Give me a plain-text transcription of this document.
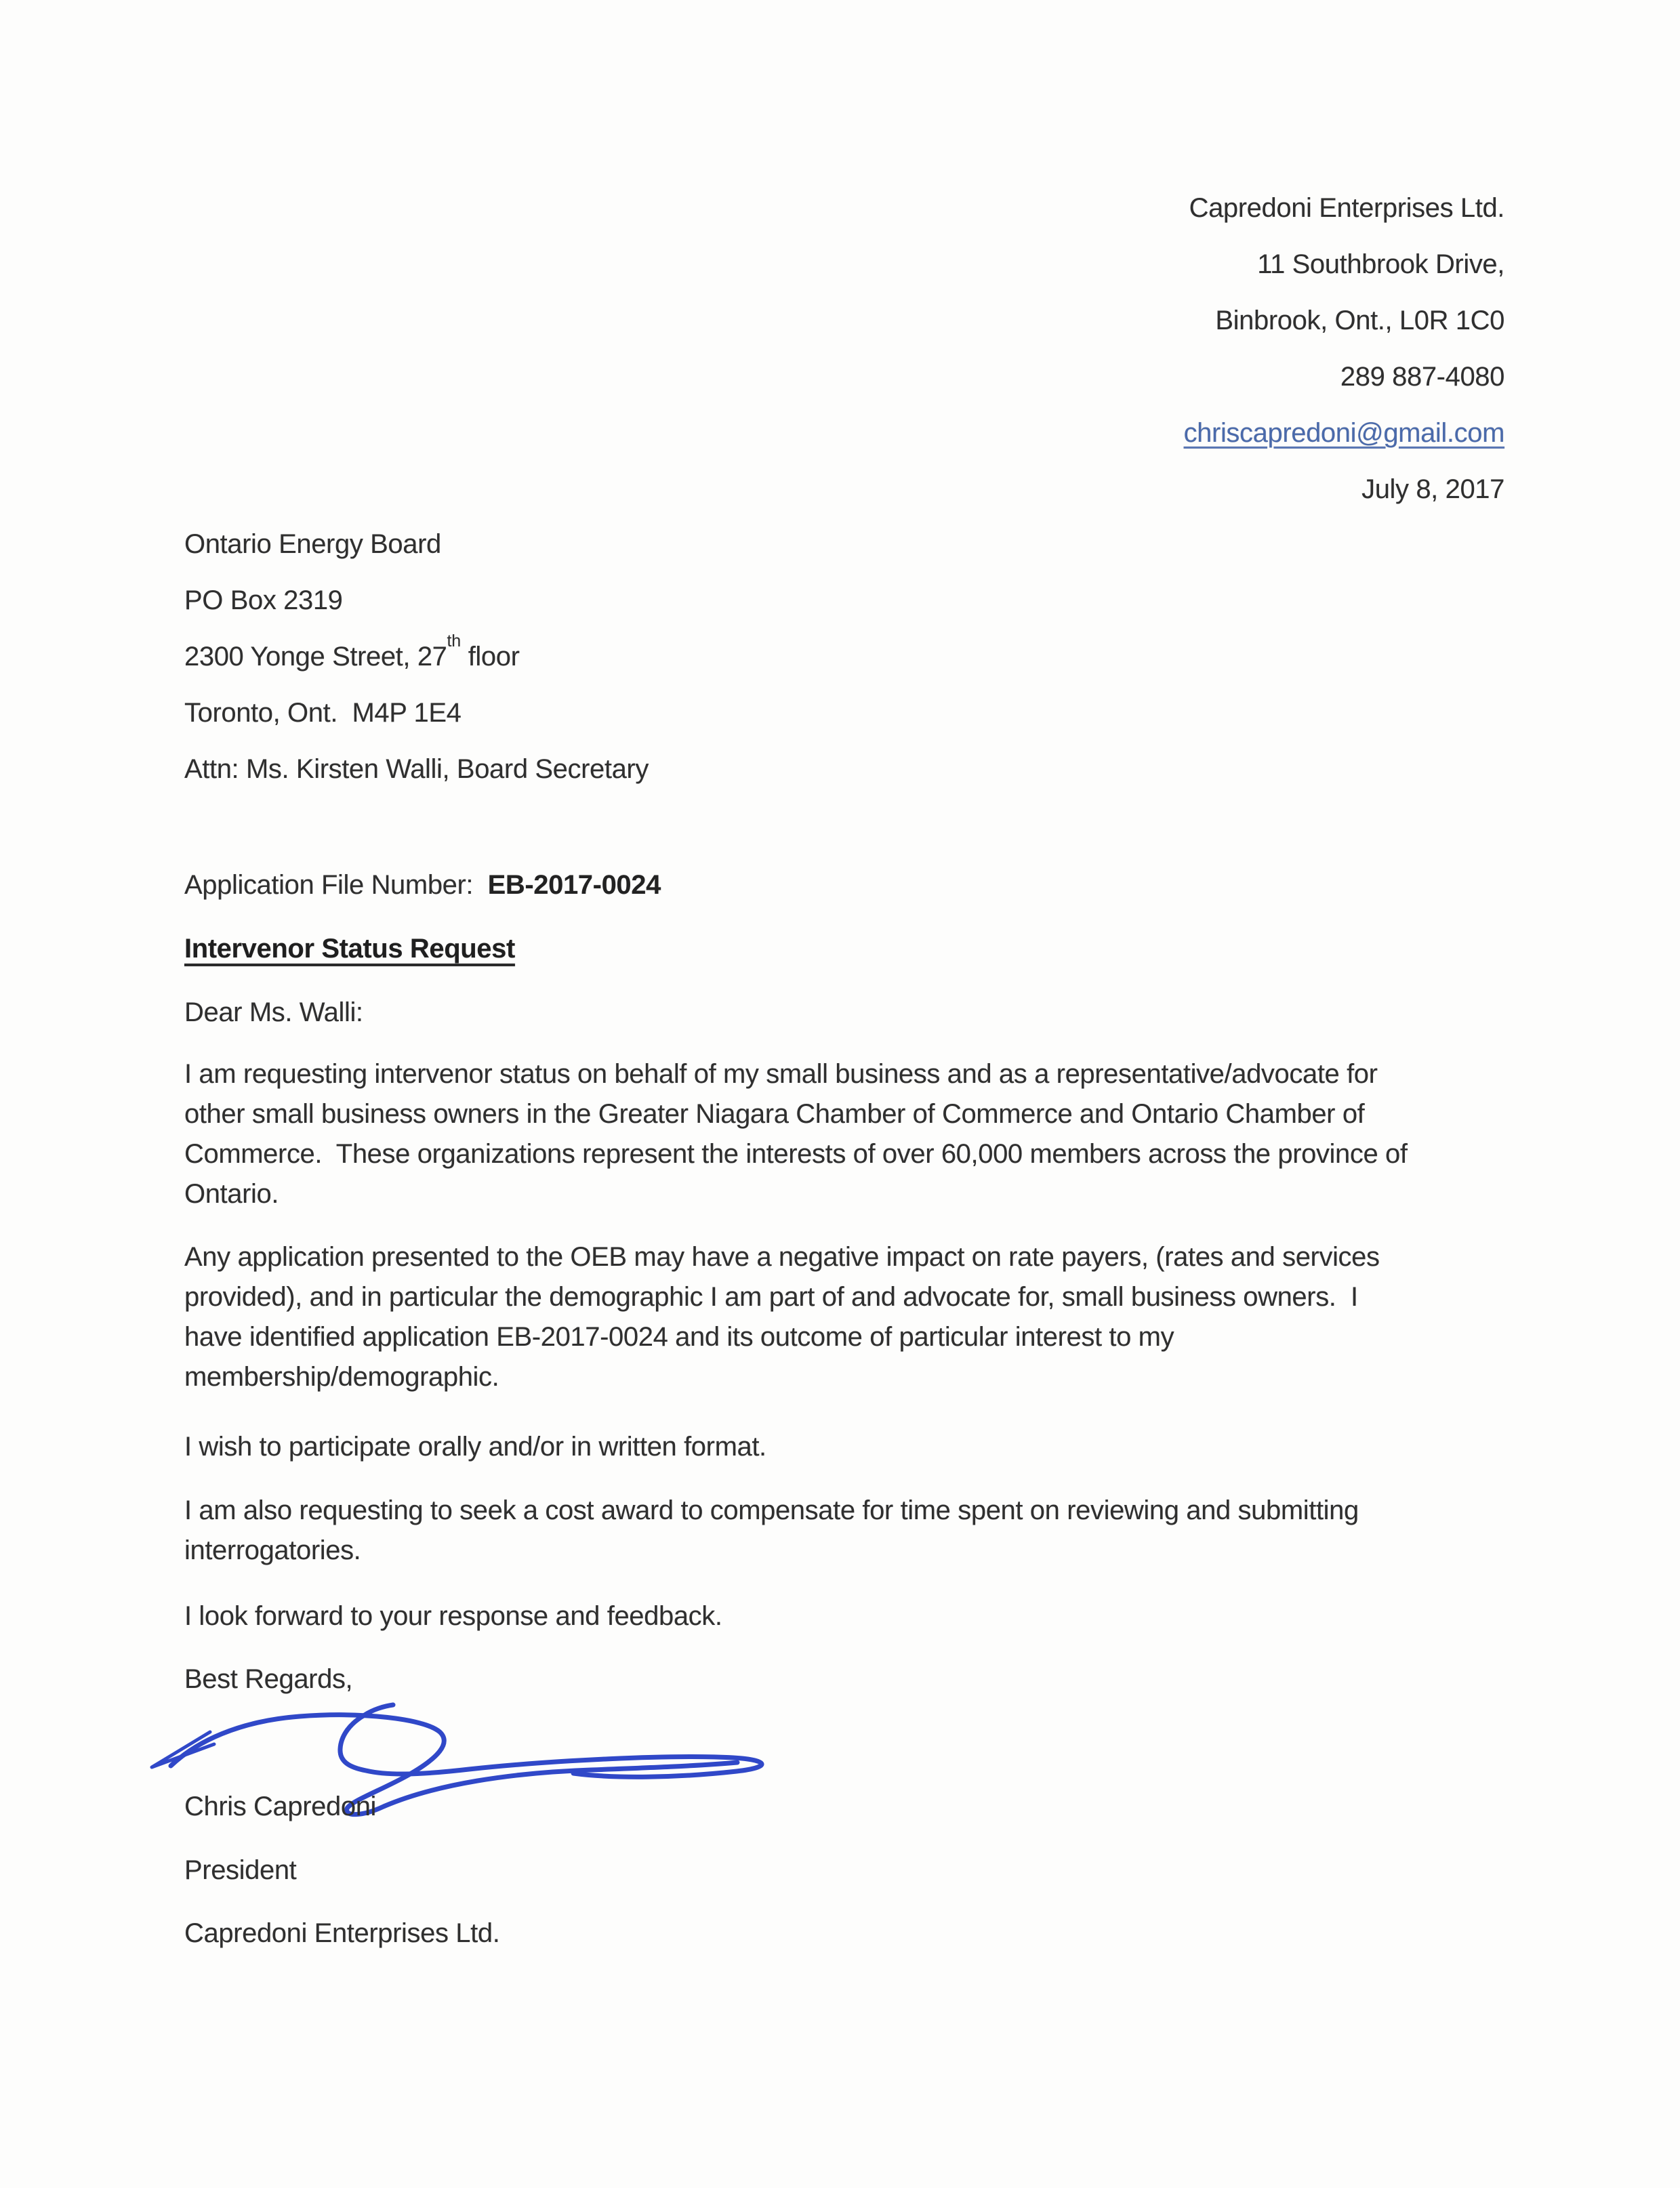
Capredoni Enterprises Ltd.
11 Southbrook Drive,
Binbrook, Ont., L0R 1C0
289 887-4080
chriscapredoni@gmail.com
July 8, 2017
Ontario Energy Board
PO Box 2319
2300 Yonge Street, 27th floor
Toronto, Ont.  M4P 1E4
Attn: Ms. Kirsten Walli, Board Secretary
Application File Number:  EB-2017-0024
Intervenor Status Request
Dear Ms. Walli:
I am requesting intervenor status on behalf of my small business and as a representative/advocate for
other small business owners in the Greater Niagara Chamber of Commerce and Ontario Chamber of
Commerce.  These organizations represent the interests of over 60,000 members across the province of
Ontario.
Any application presented to the OEB may have a negative impact on rate payers, (rates and services
provided), and in particular the demographic I am part of and advocate for, small business owners.  I
have identified application EB-2017-0024 and its outcome of particular interest to my
membership/demographic.
I wish to participate orally and/or in written format.
I am also requesting to seek a cost award to compensate for time spent on reviewing and submitting
interrogatories.
I look forward to your response and feedback.
Best Regards,
Chris Capredoni
President
Capredoni Enterprises Ltd.
